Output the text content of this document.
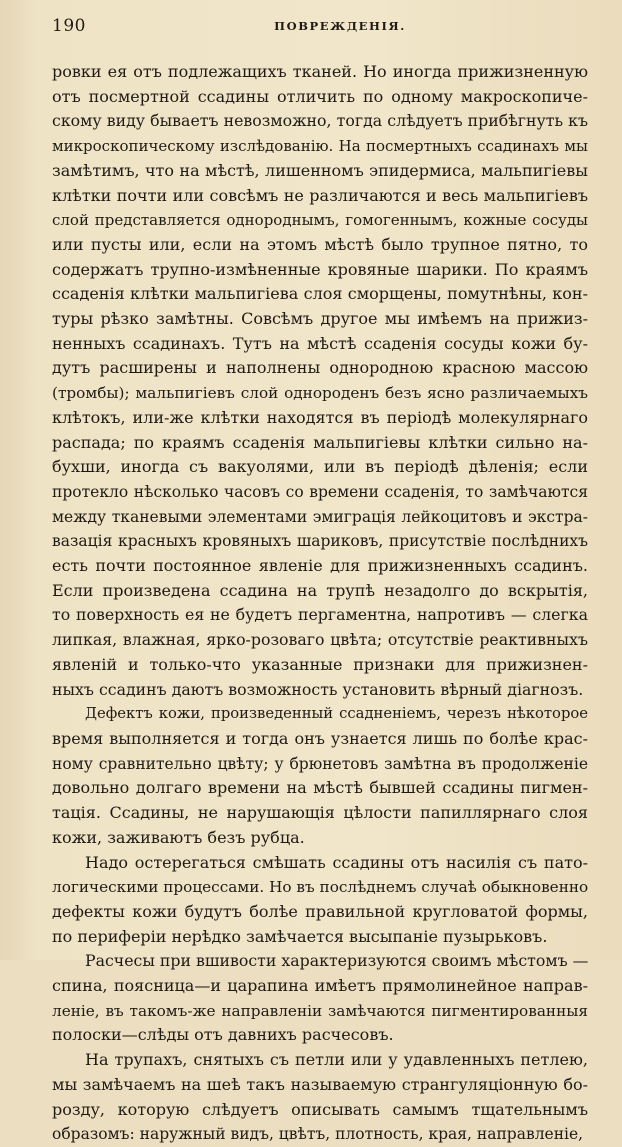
190	ПОВРЕЖДЕНІЯ.
ровки ея отъ подлежащихъ тканей. Но иногда прижизненную
отъ посмертной ссадины отличить по одному макроскопиче-
скому виду бываетъ невозможно, тогда слѣдуетъ прибѣгнуть къ
микроскопическому изслѣдованію. На посмертныхъ ссадинахъ мы
замѣтимъ, что на мѣстѣ, лишенномъ эпидермиса, мальпигіевы
клѣтки почти или совсѣмъ не различаются и весь мальпигіевъ
слой представляется однороднымъ, гомогеннымъ, кожные сосуды
или пусты или, если на этомъ мѣстѣ было трупное пятно, то
содержатъ трупно-измѣненные кровяные шарики. По краямъ
ссаденія клѣтки мальпигіева слоя сморщены, помутнѣны, кон-
туры рѣзко замѣтны. Совсѣмъ другое мы имѣемъ на прижиз-
ненныхъ ссадинахъ. Тутъ на мѣстѣ ссаденія сосуды кожи бу-
дутъ расширены и наполнены однородною красною массою
(тромбы); мальпигіевъ слой однороденъ безъ ясно различаемыхъ
клѣтокъ, или-же клѣтки находятся въ періодѣ молекулярнаго
распада; по краямъ ссаденія мальпигіевы клѣтки сильно на-
бухши, иногда съ вакуолями, или въ періодѣ дѣленія; если
протекло нѣсколько часовъ со времени ссаденія, то замѣчаются
между тканевыми элементами эмиграція лейкоцитовъ и экстра-
вазація красныхъ кровяныхъ шариковъ, присутствіе послѣднихъ
есть почти постоянное явленіе для прижизненныхъ ссадинъ.
Если произведена ссадина на трупѣ незадолго до вскрытія,
то поверхность ея не будетъ пергаментна, напротивъ — слегка
липкая, влажная, ярко-розоваго цвѣта; отсутствіе реактивныхъ
явленій и только-что указанные признаки для прижизнен-
ныхъ ссадинъ даютъ возможность установить вѣрный діагнозъ.
Дефектъ кожи, произведенный ссадненіемъ, черезъ нѣкоторое
время выполняется и тогда онъ узнается лишь по болѣе крас-
ному сравнительно цвѣту; у брюнетовъ замѣтна въ продолженіе
довольно долгаго времени на мѣстѣ бывшей ссадины пигмен-
тація. Ссадины, не нарушающія цѣлости папиллярнаго слоя
кожи, заживаютъ безъ рубца.
Надо остерегаться смѣшать ссадины отъ насилія съ пато-
логическими процессами. Но въ послѣднемъ случаѣ обыкновенно
дефекты кожи будутъ болѣе правильной кругловатой формы,
по периферіи нерѣдко замѣчается высыпаніе пузырьковъ.
Расчесы при вшивости характеризуются своимъ мѣстомъ —
спина, поясница—и царапина имѣетъ прямолинейное направ-
леніе, въ такомъ-же направленіи замѣчаются пигментированныя
полоски—слѣды отъ давнихъ расчесовъ.
На трупахъ, снятыхъ съ петли или у удавленныхъ петлею,
мы замѣчаемъ на шеѣ такъ называемую странгуляціонную бо-
розду, которую слѣдуетъ описывать самымъ тщательнымъ
образомъ: наружный видъ, цвѣтъ, плотность, края, направленіе,
